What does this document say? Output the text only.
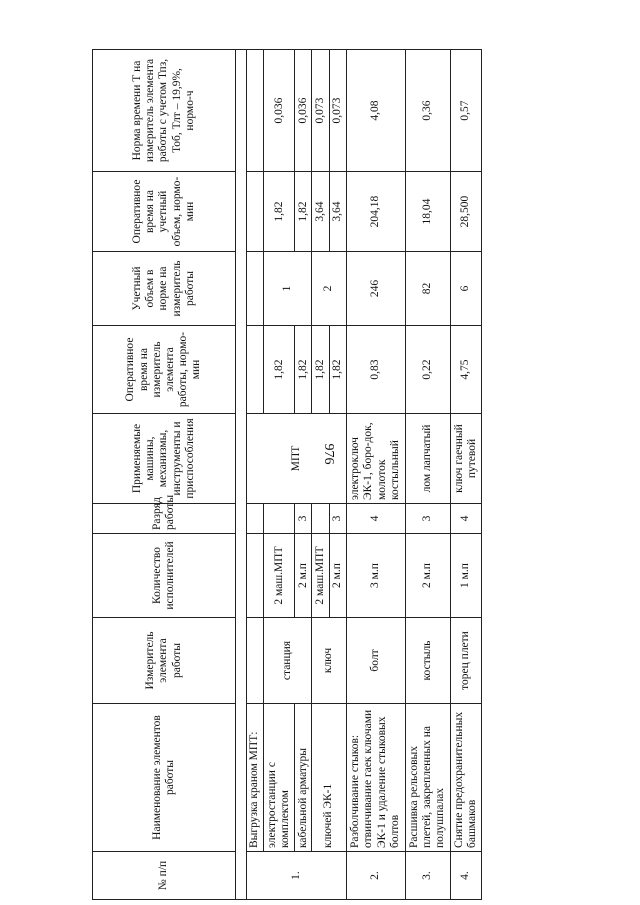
976
№ п/п	Наименование элементов работы	Измеритель элемента работы	Количество исполнителей	Разряд работы	Применяемые машины, механизмы, инструменты и приспособления	Оперативное время на измеритель элемента работы, нормо-мин	Учетный объем в норме на измеритель работы	Оперативное время на учетный объем, нормо-мин	Норма времени Т на измеритель элемента работы с учетом Тпз, Тоб, Тлт – 19,9%, нормо-ч

1.	Выгрузка краном МПТ:				МПТ				
	электростанции с комплектом	станция	2 маш.МПТ			1,82	1	1,82	0,036
	кабельной арматуры		2 м.п	3		1,82		1,82	0,036
	ключей ЭК-1	ключ	2 маш.МПТ			1,82	2	3,64	0,073
			2 м.п	3		1,82		3,64	0,073
2.	Разболчивание стыков: отвинчивание гаек ключами ЭК-1 и удаление стыковых болтов	болт	3 м.п	4	электроключ ЭК-1, боро-док, молоток костыльный	0,83	246	204,18	4,08
3.	Расшивка рельсовых плетей, закрепленных на полушпалах	костыль	2 м.п	3	лом лапчатый	0,22	82	18,04	0,36
4.	Снятие предохранительных башмаков	торец плети	1 м.п	4	ключ гаечный путевой	4,75	6	28,500	0,57
